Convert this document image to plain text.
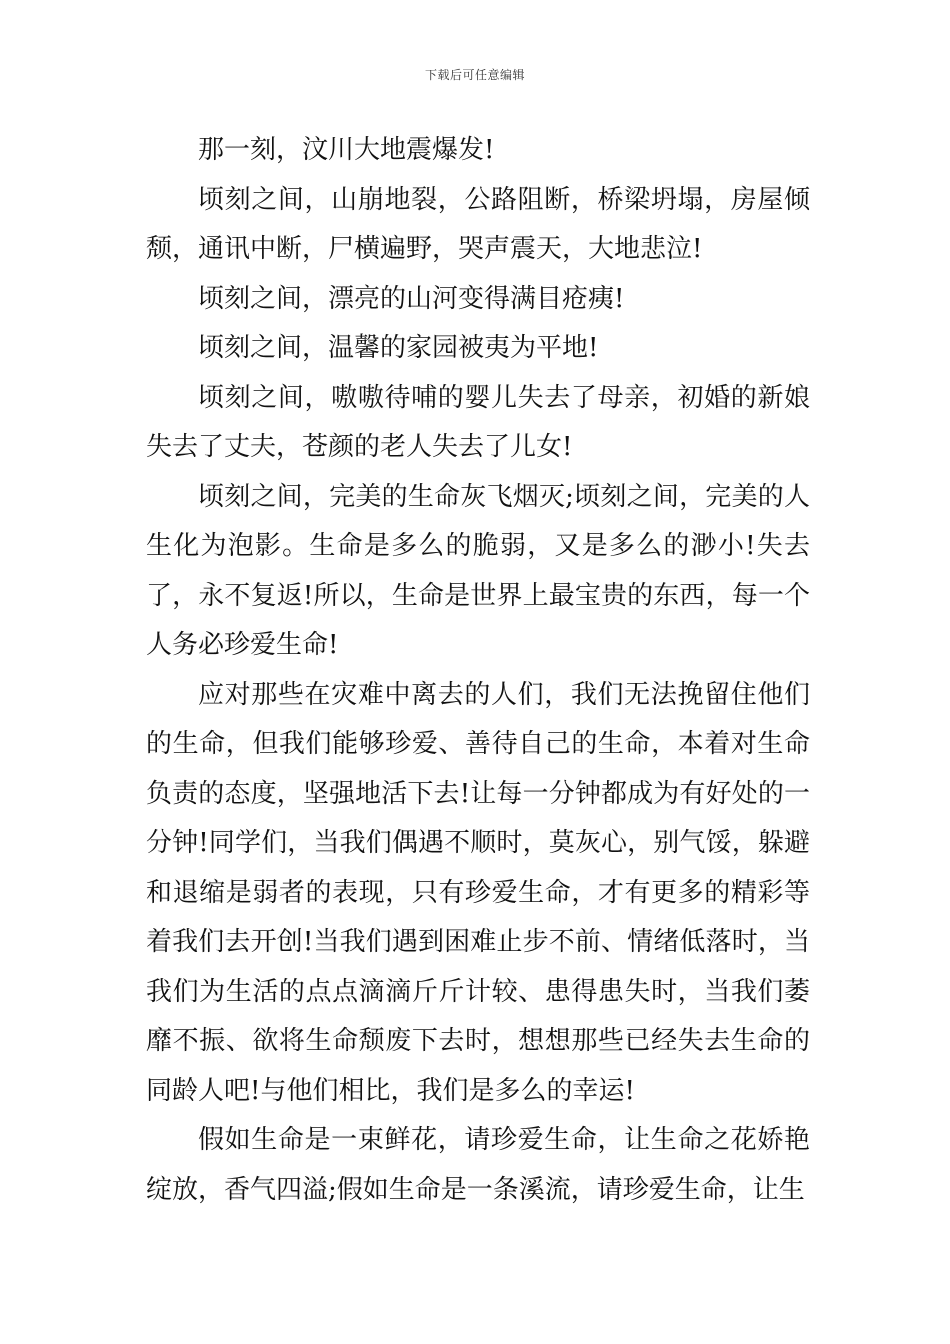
下载后可任意编辑

那一刻，汶川大地震爆发!

顷刻之间，山崩地裂，公路阻断，桥梁坍塌，房屋倾颓，通讯中断，尸横遍野，哭声震天，大地悲泣!

顷刻之间，漂亮的山河变得满目疮痍!

顷刻之间，温馨的家园被夷为平地!

顷刻之间，嗷嗷待哺的婴儿失去了母亲，初婚的新娘失去了丈夫，苍颜的老人失去了儿女!

顷刻之间，完美的生命灰飞烟灭;顷刻之间，完美的人生化为泡影。生命是多么的脆弱，又是多么的渺小!失去了，永不复返!所以，生命是世界上最宝贵的东西，每一个人务必珍爱生命!

应对那些在灾难中离去的人们，我们无法挽留住他们的生命，但我们能够珍爱、善待自己的生命，本着对生命负责的态度，坚强地活下去!让每一分钟都成为有好处的一分钟!同学们，当我们偶遇不顺时，莫灰心，别气馁，躲避和退缩是弱者的表现，只有珍爱生命，才有更多的精彩等着我们去开创!当我们遇到困难止步不前、情绪低落时，当我们为生活的点点滴滴斤斤计较、患得患失时，当我们萎靡不振、欲将生命颓废下去时，想想那些已经失去生命的同龄人吧!与他们相比，我们是多么的幸运!

假如生命是一束鲜花，请珍爱生命，让生命之花娇艳绽放，香气四溢;假如生命是一条溪流，请珍爱生命，让生
